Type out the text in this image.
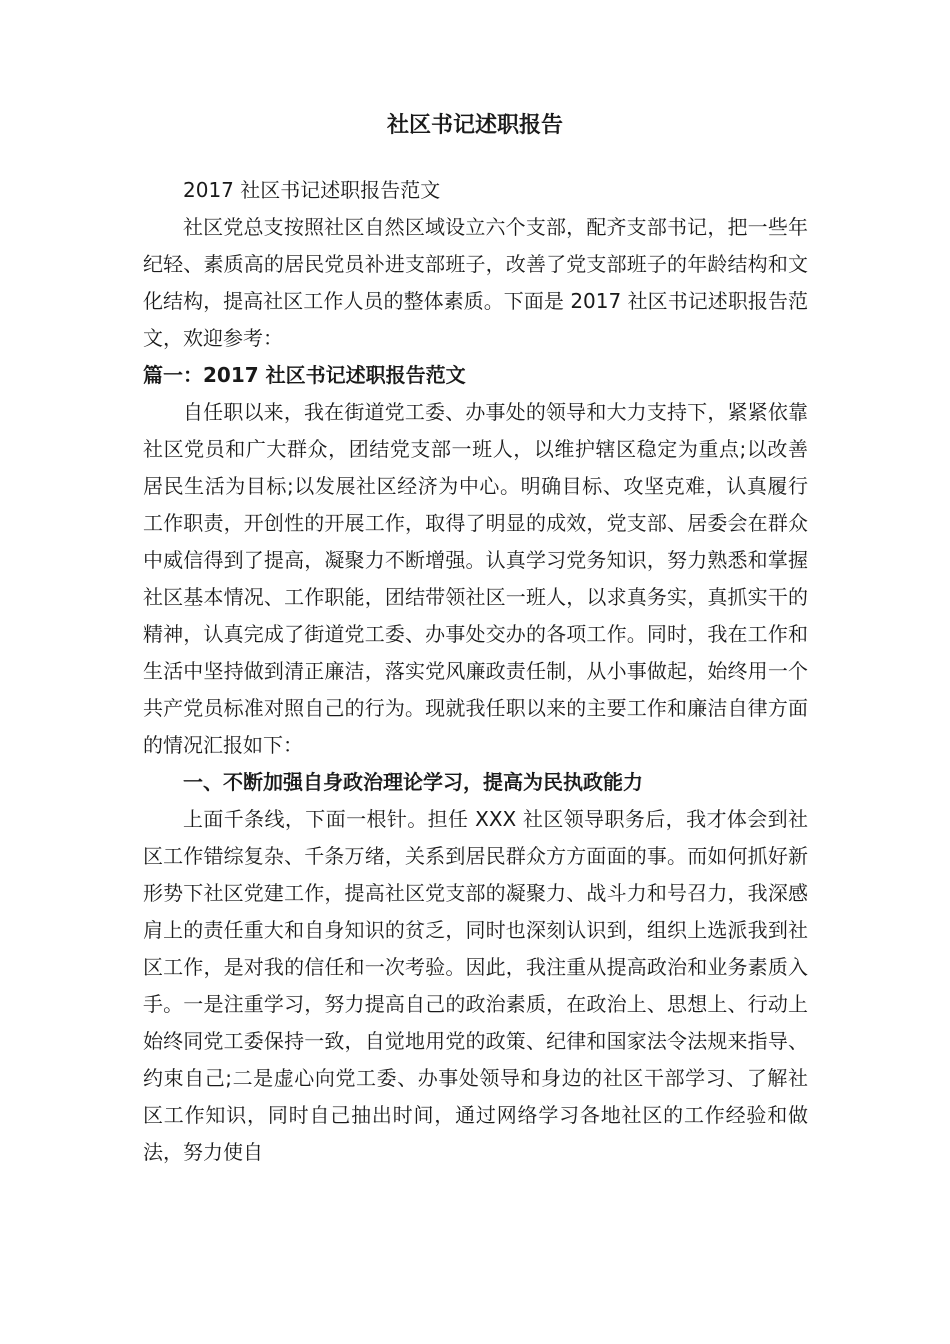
社区书记述职报告

2017 社区书记述职报告范文

社区党总支按照社区自然区域设立六个支部，配齐支部书记，把一些年纪轻、素质高的居民党员补进支部班子，改善了党支部班子的年龄结构和文化结构，提高社区工作人员的整体素质。下面是 2017 社区书记述职报告范文，欢迎参考：

篇一：2017 社区书记述职报告范文

自任职以来，我在街道党工委、办事处的领导和大力支持下，紧紧依靠社区党员和广大群众，团结党支部一班人，以维护辖区稳定为重点;以改善居民生活为目标;以发展社区经济为中心。明确目标、攻坚克难，认真履行工作职责，开创性的开展工作，取得了明显的成效，党支部、居委会在群众中威信得到了提高，凝聚力不断增强。认真学习党务知识，努力熟悉和掌握社区基本情况、工作职能，团结带领社区一班人，以求真务实，真抓实干的精神，认真完成了街道党工委、办事处交办的各项工作。同时，我在工作和生活中坚持做到清正廉洁，落实党风廉政责任制，从小事做起，始终用一个共产党员标准对照自己的行为。现就我任职以来的主要工作和廉洁自律方面的情况汇报如下：

一、不断加强自身政治理论学习，提高为民执政能力

上面千条线，下面一根针。担任 XXX 社区领导职务后，我才体会到社区工作错综复杂、千条万绪，关系到居民群众方方面面的事。而如何抓好新形势下社区党建工作，提高社区党支部的凝聚力、战斗力和号召力，我深感肩上的责任重大和自身知识的贫乏，同时也深刻认识到，组织上选派我到社区工作，是对我的信任和一次考验。因此，我注重从提高政治和业务素质入手。一是注重学习，努力提高自己的政治素质，在政治上、思想上、行动上始终同党工委保持一致，自觉地用党的政策、纪律和国家法令法规来指导、约束自己;二是虚心向党工委、办事处领导和身边的社区干部学习、了解社区工作知识，同时自己抽出时间，通过网络学习各地社区的工作经验和做法，努力使自
